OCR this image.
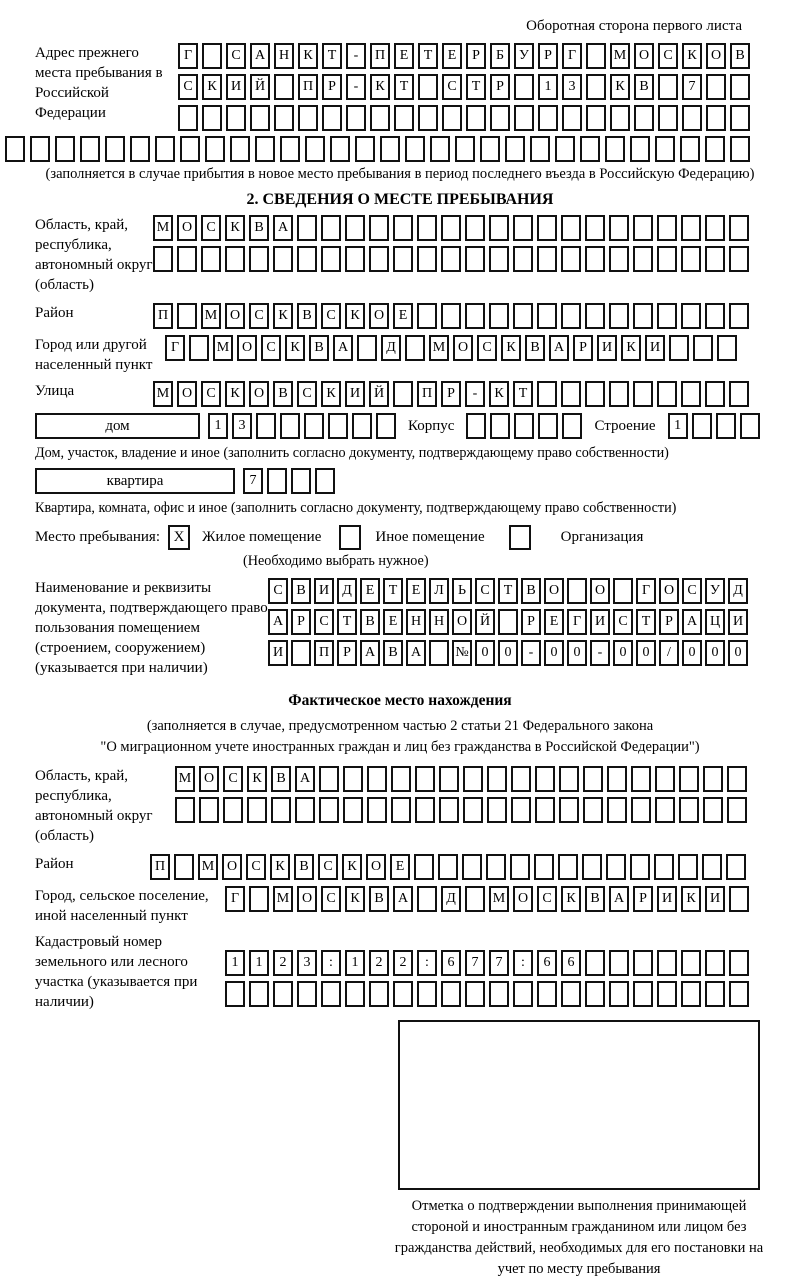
Оборотная сторона первого листа
Адрес прежнего места пребывания в Российской Федерации
Г	С	А Н	К	Т	-	П	Е	Т	Е	Р	Б	У	Р	Г	М О	С	К	О	В
С	К	И Й	П	Р	-	К	Т	С	Т	Р	1	3	К	В	7
(заполняется в случае прибытия в новое место пребывания в период последнего въезда в Российскую Федерацию)
2. СВЕДЕНИЯ О МЕСТЕ ПРЕБЫВАНИЯ
Область, край, республика, автономный округ (область)
М О	С	К	В	А
Район	П	М О	С	К	В	С	К	О	Е
Город или другой населенный пункт
Г	М О	С	К	В	А	Д	М О	С	К	В	А	Р	И	К	И
Улица	М О	С	К	О	В	С	К	И Й	П	Р	-	К	Т
дом	1	3	Корпус	Строение	1
Дом, участок, владение и иное (заполнить согласно документу, подтверждающему право собственности)
квартира	7
Квартира, комната, офис и иное (заполнить согласно документу, подтверждающему право собственности)
Место пребывания: X	Жилое помещение	Иное помещение	Организация
(Необходимо выбрать нужное)
Наименование и реквизиты документа, подтверждающего право пользования помещением (строением, сооружением) (указывается при наличии)
С В И Д Е	Т	Е Л	Ь	С	Т	В О	О	Г О С У Д
А	Р	С	Т	В	Е Н Н О Й	Р	Е	Г И С	Т	Р	А Ц И
И	П	Р	А В А	№ 0	0	-	0	0	-	0	0	/	0	0	0
Фактическое место нахождения
(заполняется в случае, предусмотренном частью 2 статьи 21 Федерального закона
"О миграционном учете иностранных граждан и лиц без гражданства в Российской Федерации")
Область, край, республика, автономный округ (область)
М О	С	К	В	А
Район	П	М О	С	К	В	С	К	О	Е
Город, сельское поселение, иной населенный пункт
Г	М О	С	К	В	А	Д	М О	С	К	В	А	Р	И	К	И
Кадастровый номер земельного или лесного участка (указывается при наличии)
1	1	2	3	:	1	2	2	:	6	7	7	:	6	6
Отметка о подтверждении выполнения принимающей стороной и иностранным гражданином или лицом без гражданства действий, необходимых для его постановки на учет по месту пребывания
